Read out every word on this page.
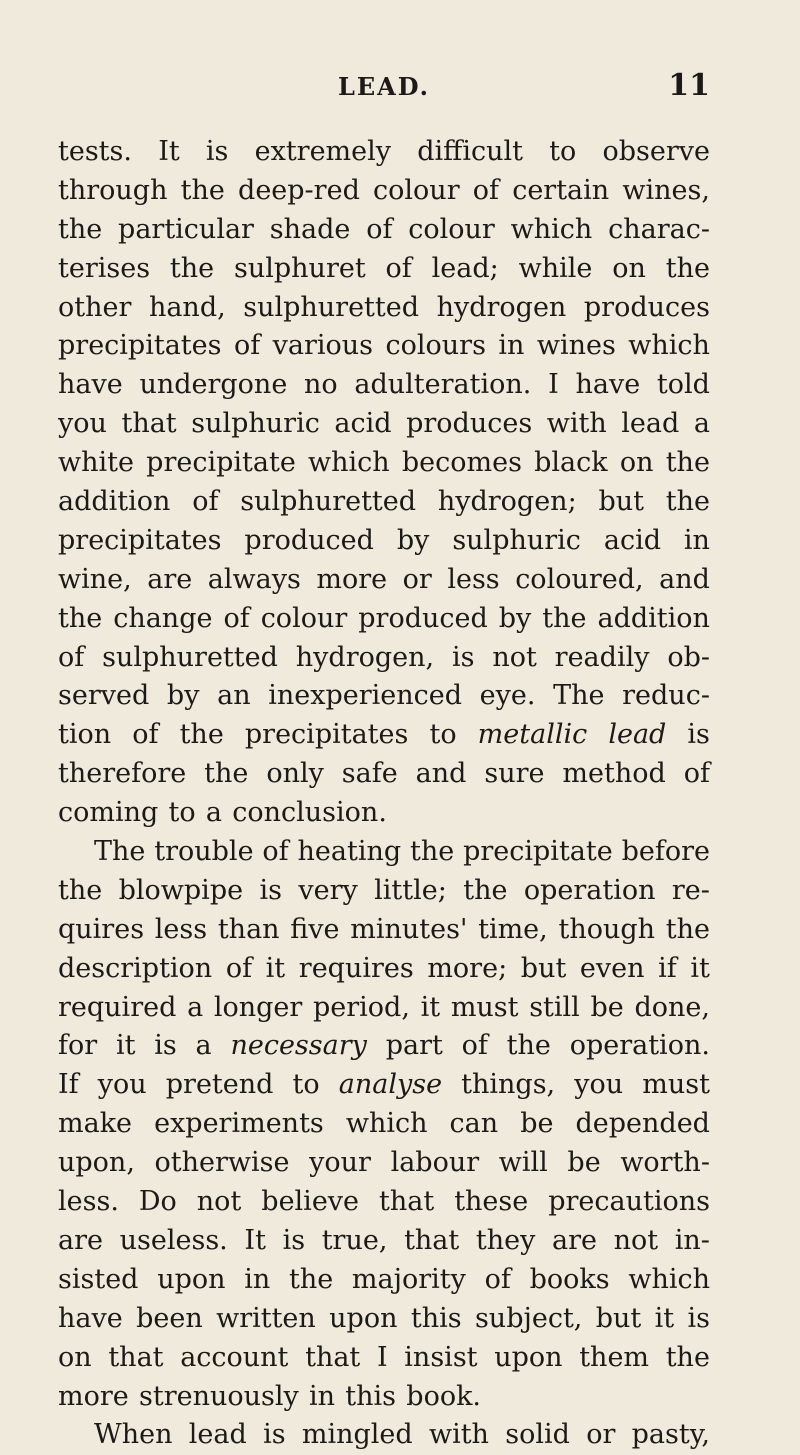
LEAD.	11
tests. It is extremely difficult to observe
through the deep-red colour of certain wines,
the particular shade of colour which charac-
terises the sulphuret of lead; while on the
other hand, sulphuretted hydrogen produces
precipitates of various colours in wines which
have undergone no adulteration. I have told
you that sulphuric acid produces with lead a
white precipitate which becomes black on the
addition of sulphuretted hydrogen; but the
precipitates produced by sulphuric acid in
wine, are always more or less coloured, and
the change of colour produced by the addition
of sulphuretted hydrogen, is not readily ob-
served by an inexperienced eye. The reduc-
tion of the precipitates to metallic lead is
therefore the only safe and sure method of
coming to a conclusion.
The trouble of heating the precipitate before
the blowpipe is very little; the operation re-
quires less than five minutes' time, though the
description of it requires more; but even if it
required a longer period, it must still be done,
for it is a necessary part of the operation.
If you pretend to analyse things, you must
make experiments which can be depended
upon, otherwise your labour will be worth-
less. Do not believe that these precautions
are useless. It is true, that they are not in-
sisted upon in the majority of books which
have been written upon this subject, but it is
on that account that I insist upon them the
more strenuously in this book.
When lead is mingled with solid or pasty,
